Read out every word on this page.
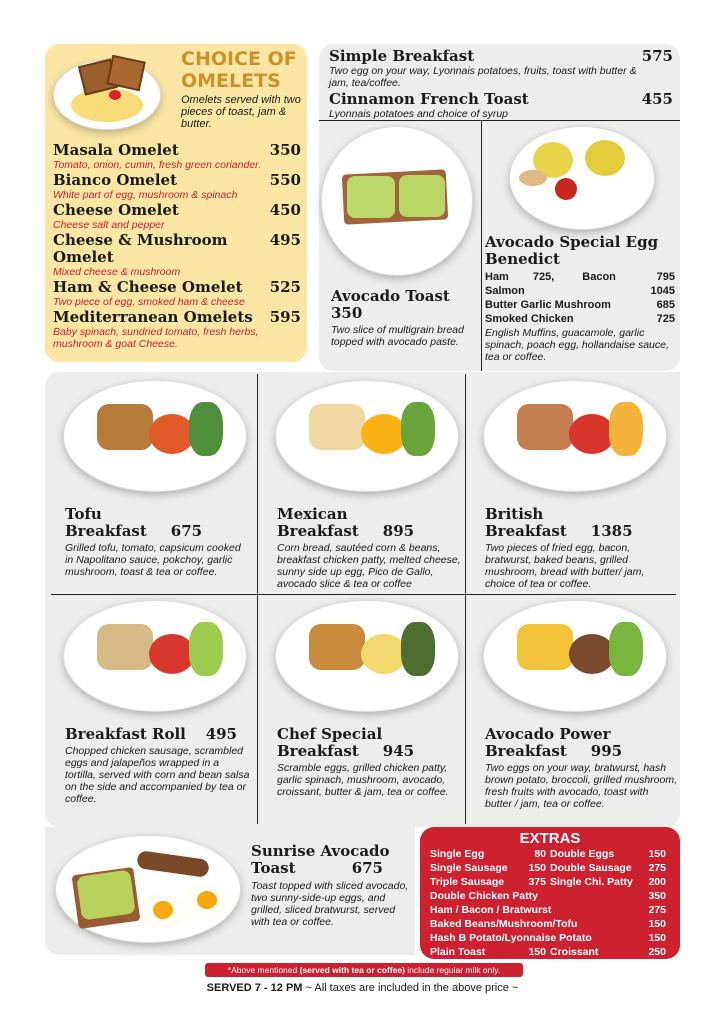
CHOICE OF
OMELETS
Omelets served with two pieces of toast, jam & butter.
Masala Omelet	350
Tomato, onion, cumin, fresh green coriander.
Bianco Omelet	550
White part of egg, mushroom & spinach
Cheese Omelet	450
Cheese salt and pepper
Cheese & Mushroom Omelet
495
Mixed cheese & mushroom
Ham & Cheese Omelet 525
Two piece of egg, smoked ham & cheese
Mediterranean Omelets 595
Baby spinach, sundried tomato, fresh herbs, mushroom & goat Cheese.
Simple Breakfast	575
Two egg on your way, Lyonnais potatoes, fruits, toast with butter & jam, tea/coffee.
Cinnamon French Toast	455
Lyonnais potatoes and choice of syrup
Avocado Toast
350
Two slice of multigrain bread topped with avocado paste.
Avocado Special Egg
Benedict
Ham 725,	Bacon	795
Salmon	1045
Butter Garlic Mushroom	685
Smoked Chicken	725
English Muffins, guacamole, garlic spinach, poach egg, hollandaise sauce, tea or coffee.
Tofu
Breakfast 675
Grilled tofu, tomato, capsicum cooked in Napolitano sauce, pokchoy, garlic mushroom, toast & tea or coffee.
Mexican
Breakfast 895
Corn bread, sautéed corn & beans, breakfast chicken patty, melted cheese, sunny side up egg, Pico de Gallo, avocado slice & tea or coffee
British
Breakfast 1385
Two pieces of fried egg, bacon, bratwurst, baked beans, grilled mushroom, bread with butter/ jam, choice of tea or coffee.
Breakfast Roll 495
Chopped chicken sausage, scrambled eggs and jalapeños wrapped in a tortilla, served with corn and bean salsa on the side and accompanied by tea or coffee.
Chef Special
Breakfast 945
Scramble eggs, grilled chicken patty, garlic spinach, mushroom, avocado, croissant, butter & jam, tea or coffee.
Avocado Power
Breakfast 995
Two eggs on your way, bratwurst, hash brown potato, broccoli, grilled mushroom, fresh fruits with avocado, toast with butter / jam, tea or coffee.
Sunrise Avocado
Toast	675
Toast topped with sliced avocado, two sunny-side-up eggs, and grilled, sliced bratwurst, served with tea or coffee.
EXTRAS
Single Egg	80 Double Eggs	150
Single Sausage 150 Double Sausage 275
Triple Sausage 375 Single Chi. Patty 200
Double Chicken Patty	350
Ham / Bacon / Bratwurst	275
Baked Beans/Mushroom/Tofu	150
Hash B Potato/Lyonnaise Potato	150
Plain Toast	150 Croissant	250
*Above mentioned (served with tea or coffee) include regular milk only.
SERVED 7 - 12 PM ~ All taxes are included in the above price ~
